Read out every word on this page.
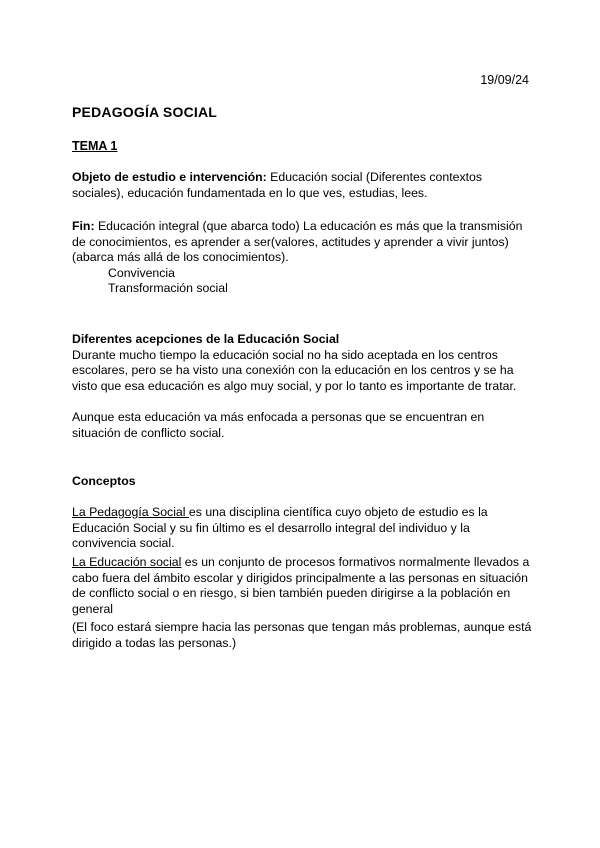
19/09/24
PEDAGOGÍA SOCIAL
TEMA 1
Objeto de estudio e intervención: Educación social (Diferentes contextos sociales), educación fundamentada en lo que ves, estudias, lees.
Fin: Educación integral (que abarca todo) La educación es más que la transmisión de conocimientos, es aprender a ser(valores, actitudes y aprender a vivir juntos) (abarca más allá de los conocimientos).
Convivencia
Transformación social
Diferentes acepciones de la Educación Social
Durante mucho tiempo la educación social no ha sido aceptada en los centros escolares, pero se ha visto una conexión con la educación en los centros y se ha visto que esa educación es algo muy social, y por lo tanto es importante de tratar.
Aunque esta educación va más enfocada a personas que se encuentran en situación de conflicto social.
Conceptos
La Pedagogía Social es una disciplina científica cuyo objeto de estudio es la Educación Social y su fin último es el desarrollo integral del individuo y la convivencia social.
La Educación social es un conjunto de procesos formativos normalmente llevados a cabo fuera del ámbito escolar y dirigidos principalmente a las personas en situación de conflicto social o en riesgo, si bien también pueden dirigirse a la población en general
(El foco estará siempre hacia las personas que tengan más problemas, aunque está dirigido a todas las personas.)
